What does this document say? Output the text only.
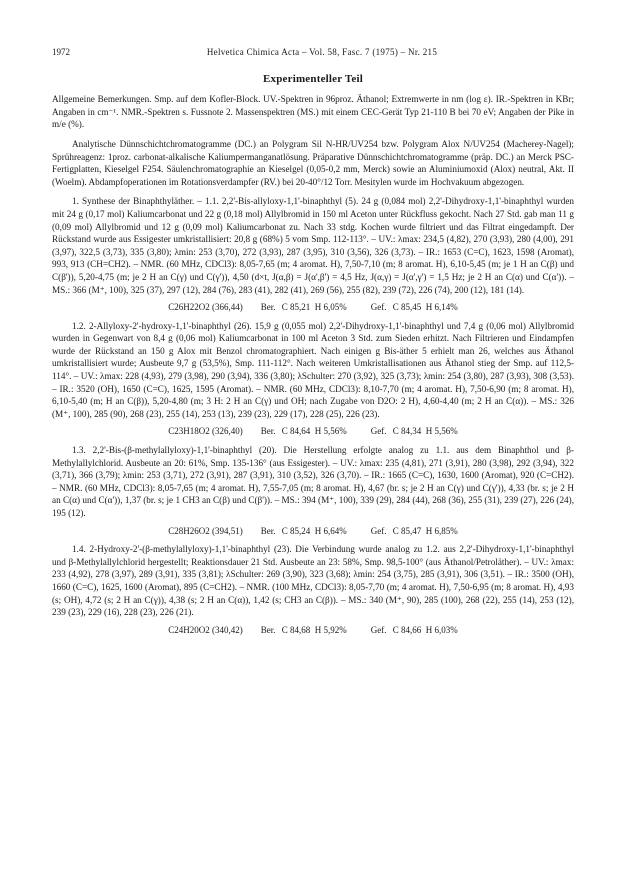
1972	Helvetica Chimica Acta – Vol. 58, Fasc. 7 (1975) – Nr. 215
Experimenteller Teil

Allgemeine Bemerkungen. Smp. auf dem Kofler-Block. UV.-Spektren in 96proz. Äthanol; Extremwerte in nm (log ε). IR.-Spektren in KBr; Angaben in cm⁻¹. NMR.-Spektren s. Fussnote 2. Massenspektren (MS.) mit einem CEC-Gerät Typ 21-110 B bei 70 eV; Angaben der Pike in m/e (%).

Analytische Dünnschichtchromatogramme (DC.) an Polygram Sil N-HR/UV254 bzw. Polygram Alox N/UV254 (Macherey-Nagel); Sprühreagenz: 1proz. carbonat-alkalische Kaliumpermanganatlösung. Präparative Dünnschichtchromatogramme (präp. DC.) an Merck PSC-Fertigplatten, Kieselgel F254. Säulenchromatographie an Kieselgel (0,05-0,2 mm, Merck) sowie an Aluminiumoxid (Alox) neutral, Akt. II (Woelm). Abdampfoperationen im Rotationsverdampfer (RV.) bei 20-40°/12 Torr. Mesitylen wurde im Hochvakuum abgezogen.

1. Synthese der Binaphthyläther. – 1.1. 2,2'-Bis-allyloxy-1,1'-binaphthyl (5). 24 g (0,084 mol) 2,2'-Dihydroxy-1,1'-binaphthyl wurden mit 24 g (0,17 mol) Kaliumcarbonat und 22 g (0,18 mol) Allylbromid in 150 ml Aceton unter Rückfluss gekocht. Nach 27 Std. gab man 11 g (0,09 mol) Allylbromid und 12 g (0,09 mol) Kaliumcarbonat zu. Nach 33 stdg. Kochen wurde filtriert und das Filtrat eingedampft. Der Rückstand wurde aus Essigester umkristallisiert: 20,8 g (68%) 5 vom Smp. 112-113°. – UV.: λmax: 234,5 (4,82), 270 (3,93), 280 (4,00), 291 (3,97), 322,5 (3,73), 335 (3,80); λmin: 253 (3,70), 272 (3,93), 287 (3,95), 310 (3,56), 326 (3,73). – IR.: 1653 (C=C), 1623, 1598 (Aromat), 993, 913 (CH=CH2). – NMR. (60 MHz, CDCl3): 8,05-7,65 (m; 4 aromat. H), 7,50-7,10 (m; 8 aromat. H), 6,10-5,45 (m; je 1 H an C(β) und C(β')), 5,20-4,75 (m; je 2 H an C(γ) und C(γ')), 4,50 (d×t, J(α,β) = J(α',β') = 4,5 Hz, J(α,γ) = J(α',γ') = 1,5 Hz; je 2 H an C(α) und C(α')). – MS.: 366 (M⁺, 100), 325 (37), 297 (12), 284 (76), 283 (41), 282 (41), 269 (56), 255 (82), 239 (72), 226 (74), 200 (12), 181 (14).

C26H22O2 (366,44) Ber. C 85,21 H 6,05%	Gef. C 85,45 H 6,14%

1.2. 2-Allyloxy-2'-hydroxy-1,1'-binaphthyl (26). 15,9 g (0,055 mol) 2,2'-Dihydroxy-1,1'-binaphthyl und 7,4 g (0,06 mol) Allylbromid wurden in Gegenwart von 8,4 g (0,06 mol) Kaliumcarbonat in 100 ml Aceton 3 Std. zum Sieden erhitzt. Nach Filtrieren und Eindampfen wurde der Rückstand an 150 g Alox mit Benzol chromatographiert. Nach einigen g Bis-äther 5 erhielt man 26, welches aus Äthanol umkristallisiert wurde; Ausbeute 9,7 g (53,5%), Smp. 111-112°. Nach weiteren Umkristallisationen aus Äthanol stieg der Smp. auf 112,5-114°. – UV.: λmax: 228 (4,93), 279 (3,98), 290 (3,94), 336 (3,80); λSchulter: 270 (3,92), 325 (3,73); λmin: 254 (3,80), 287 (3,93), 308 (3,53). – IR.: 3520 (OH), 1650 (C=C), 1625, 1595 (Aromat). – NMR. (60 MHz, CDCl3): 8,10-7,70 (m; 4 aromat. H), 7,50-6,90 (m; 8 aromat. H), 6,10-5,40 (m; H an C(β)), 5,20-4,80 (m; 3 H: 2 H an C(γ) und OH; nach Zugabe von D2O: 2 H), 4,60-4,40 (m; 2 H an C(α)). – MS.: 326 (M⁺, 100), 285 (90), 268 (23), 255 (14), 253 (13), 239 (23), 229 (17), 228 (25), 226 (23).

C23H18O2 (326,40) Ber. C 84,64 H 5,56%	Gef. C 84,34 H 5,56%

1.3. 2,2'-Bis-(β-methylallyloxy)-1,1'-binaphthyl (20). Die Herstellung erfolgte analog zu 1.1. aus dem Binaphthol und β-Methylallylchlorid. Ausbeute an 20: 61%, Smp. 135-136° (aus Essigester). – UV.: λmax: 235 (4,81), 271 (3,91), 280 (3,98), 292 (3,94), 322 (3,71), 366 (3,79); λmin: 253 (3,71), 272 (3,91), 287 (3,91), 310 (3,52), 326 (3,70). – IR.: 1665 (C=C), 1630, 1600 (Aromat), 920 (C=CH2). – NMR. (60 MHz, CDCl3): 8,05-7,65 (m; 4 aromat. H), 7,55-7,05 (m; 8 aromat. H), 4,67 (br. s; je 2 H an C(γ) und C(γ')), 4,33 (br. s; je 2 H an C(α) und C(α')), 1,37 (br. s; je 1 CH3 an C(β) und C(β')). – MS.: 394 (M⁺, 100), 339 (29), 284 (44), 268 (36), 255 (31), 239 (27), 226 (24), 195 (12).

C28H26O2 (394,51) Ber. C 85,24 H 6,64%	Gef. C 85,47 H 6,85%

1.4. 2-Hydroxy-2'-(β-methylallyloxy)-1,1'-binaphthyl (23). Die Verbindung wurde analog zu 1.2. aus 2,2'-Dihydroxy-1,1'-binaphthyl und β-Methylallylchlorid hergestellt; Reaktionsdauer 21 Std. Ausbeute an 23: 58%, Smp. 98,5-100° (aus Äthanol/Petroläther). – UV.: λmax: 233 (4,92), 278 (3,97), 289 (3,91), 335 (3,81); λSchulter: 269 (3,90), 323 (3,68); λmin: 254 (3,75), 285 (3,91), 306 (3,51). – IR.: 3500 (OH), 1660 (C=C), 1625, 1600 (Aromat), 895 (C=CH2). – NMR. (100 MHz, CDCl3): 8,05-7,70 (m; 4 aromat. H), 7,50-6,95 (m; 8 aromat. H), 4,93 (s; OH), 4,72 (s; 2 H an C(γ)), 4,38 (s; 2 H an C(α)), 1,42 (s; CH3 an C(β)). – MS.: 340 (M⁺, 90), 285 (100), 268 (22), 255 (14), 253 (12), 239 (23), 229 (16), 228 (23), 226 (21).

C24H20O2 (340,42) Ber. C 84,68 H 5,92%	Gef. C 84,66 H 6,03%
